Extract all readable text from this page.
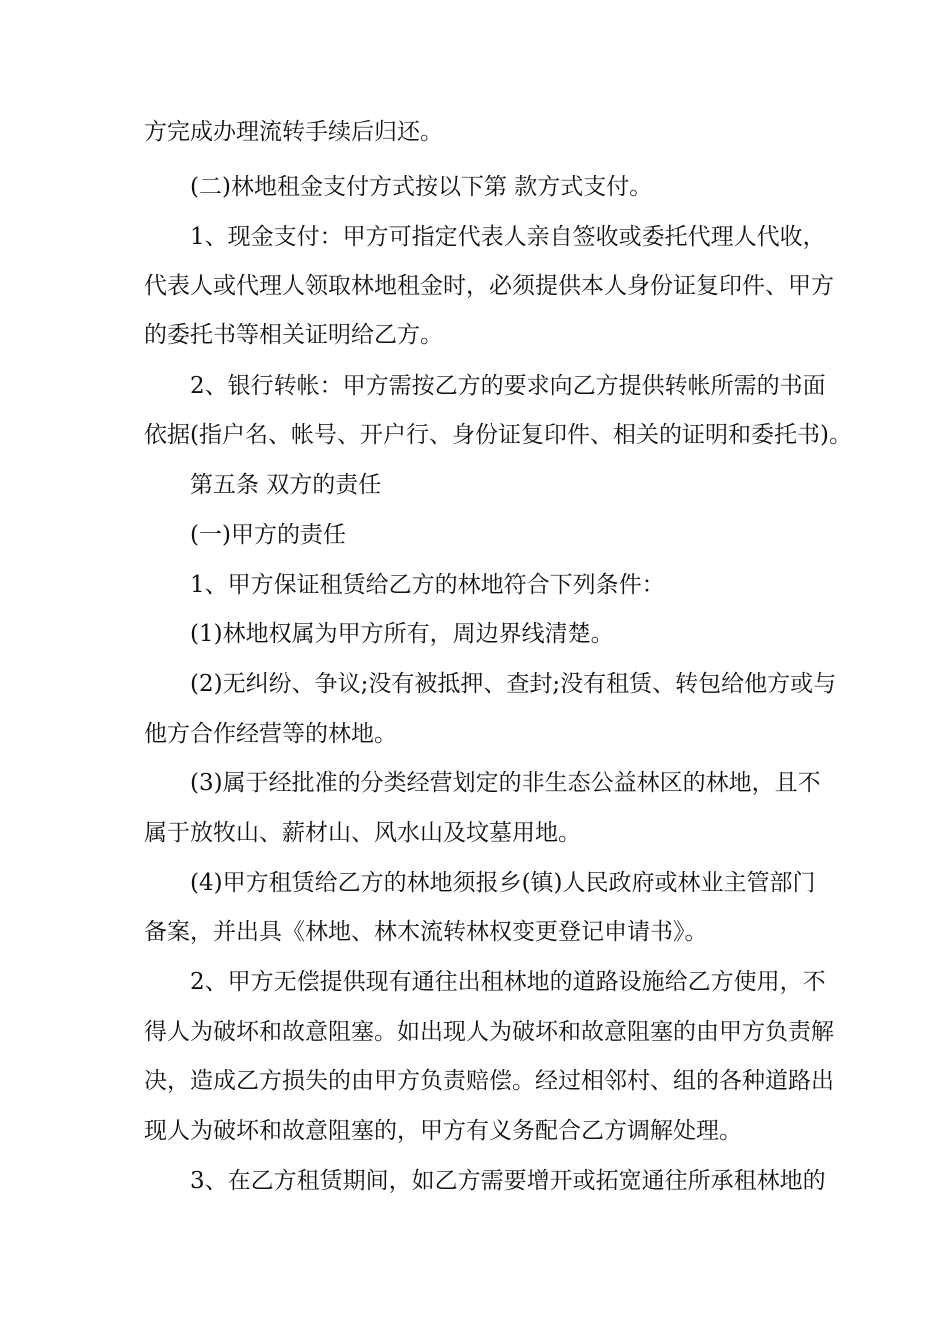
方完成办理流转手续后归还。
(二)林地租金支付方式按以下第 款方式支付。
1、现金支付：甲方可指定代表人亲自签收或委托代理人代收，
代表人或代理人领取林地租金时，必须提供本人身份证复印件、甲方
的委托书等相关证明给乙方。
2、银行转帐：甲方需按乙方的要求向乙方提供转帐所需的书面
依据(指户名、帐号、开户行、身份证复印件、相关的证明和委托书)。
第五条 双方的责任
(一)甲方的责任
1、甲方保证租赁给乙方的林地符合下列条件：
(1)林地权属为甲方所有，周边界线清楚。
(2)无纠纷、争议;没有被抵押、查封;没有租赁、转包给他方或与
他方合作经营等的林地。
(3)属于经批准的分类经营划定的非生态公益林区的林地，且不
属于放牧山、薪材山、风水山及坟墓用地。
(4)甲方租赁给乙方的林地须报乡(镇)人民政府或林业主管部门
备案，并出具《林地、林木流转林权变更登记申请书》。
2、甲方无偿提供现有通往出租林地的道路设施给乙方使用，不
得人为破坏和故意阻塞。如出现人为破坏和故意阻塞的由甲方负责解
决，造成乙方损失的由甲方负责赔偿。经过相邻村、组的各种道路出
现人为破坏和故意阻塞的，甲方有义务配合乙方调解处理。
3、在乙方租赁期间，如乙方需要增开或拓宽通往所承租林地的
